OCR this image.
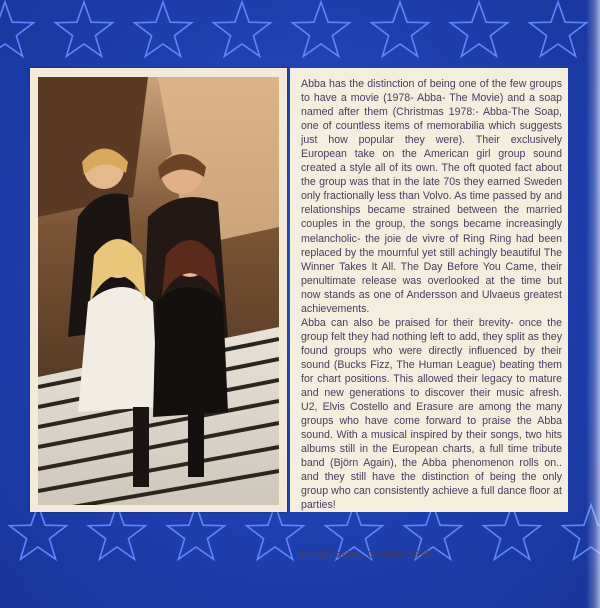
Abba has the distinction of being one of the few groups to have a movie (1978- Abba- The Movie) and a soap named after them (Christmas 1978:- Abba-The Soap, one of countless items of memorabilia which suggests just how popular they were). Their exclusively European take on the American girl group sound created a style all of its own. The oft quoted fact about the group was that in the late 70s they earned Sweden only fractionally less than Volvo. As time passed by and relationships became strained between the married couples in the group, the songs became increasingly melancholic- the joie de vivre of Ring Ring had been replaced by the mournful yet still achingly beautiful The Winner Takes It All. The Day Before You Came, their penultimate release was overlooked at the time but now stands as one of Andersson and Ulvaeus greatest achievements.

Abba can also be praised for their brevity- once the group felt they had nothing left to add, they split as they found groups who were directly influenced by their sound (Bucks Fizz, The Human League) beating them for chart positions. This allowed their legacy to mature and new generations to discover their music afresh. U2, Elvis Costello and Erasure are among the many groups who have come forward to praise the Abba sound. With a musical inspired by their songs, two hits albums still in the European charts, a full time tribute band (Björn Again), the Abba phenomenon rolls on.. and they still have the distinction of being the only group who can consistently achieve a full dance floor at parties!

Daryl Easlea, October 1999.
